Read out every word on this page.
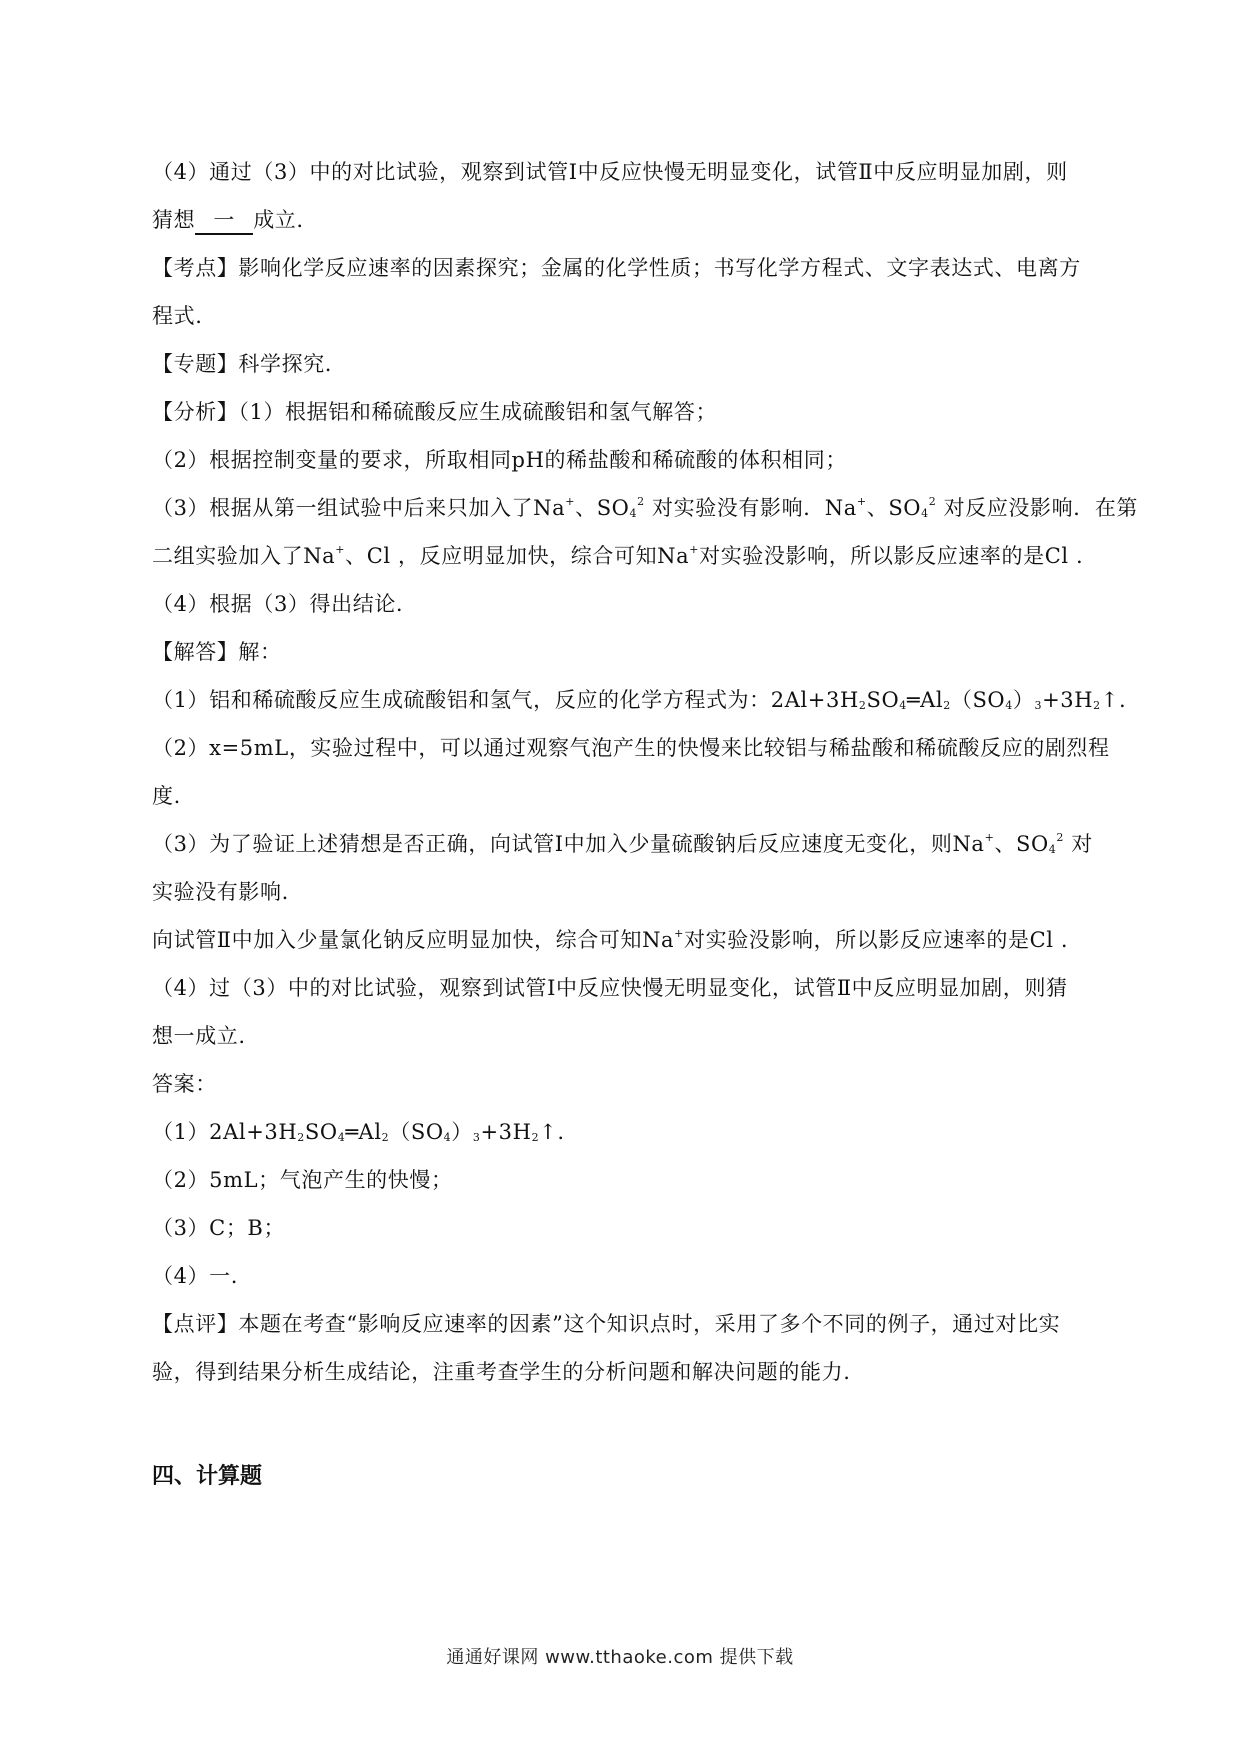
（4）通过（3）中的对比试验，观察到试管Ⅰ中反应快慢无明显变化，试管Ⅱ中反应明显加剧，则
猜想 一 成立.
【考点】影响化学反应速率的因素探究；金属的化学性质；书写化学方程式、文字表达式、电离方
程式.
【专题】科学探究.
【分析】（1）根据铝和稀硫酸反应生成硫酸铝和氢气解答；
（2）根据控制变量的要求，所取相同pH的稀盐酸和稀硫酸的体积相同；
（3）根据从第一组试验中后来只加入了Na+、$SO_4^2$ 对实验没有影响．Na+、$SO_4^2$ 对反应没影响．在第
二组实验加入了Na+、Cl ，反应明显加快，综合可知Na+对实验没影响，所以影反应速率的是Cl .
（4）根据（3）得出结论.
【解答】解：
（1）铝和稀硫酸反应生成硫酸铝和氢气，反应的化学方程式为：$2Al+3H_2SO_4═Al_2(SO_4)_3+3H_2↑$.
（2）x=5mL，实验过程中，可以通过观察气泡产生的快慢来比较铝与稀盐酸和稀硫酸反应的剧烈程
度.
（3）为了验证上述猜想是否正确，向试管Ⅰ中加入少量硫酸钠后反应速度无变化，则Na+、$SO_4^2$ 对
实验没有影响.
向试管Ⅱ中加入少量氯化钠反应明显加快，综合可知Na+对实验没影响，所以影反应速率的是Cl .
（4）过（3）中的对比试验，观察到试管Ⅰ中反应快慢无明显变化，试管Ⅱ中反应明显加剧，则猜
想一成立.
答案：
$(1)2Al+3H_2SO_4═Al_2(SO_4)_3+3H_2↑$.
（2）5mL；气泡产生的快慢；
（3）C；B；
（4）一.
【点评】本题在考查“影响反应速率的因素”这个知识点时，采用了多个不同的例子，通过对比实
验，得到结果分析生成结论，注重考查学生的分析问题和解决问题的能力.
四、计算题
通通好课网 www.tthaoke.com 提供下载
